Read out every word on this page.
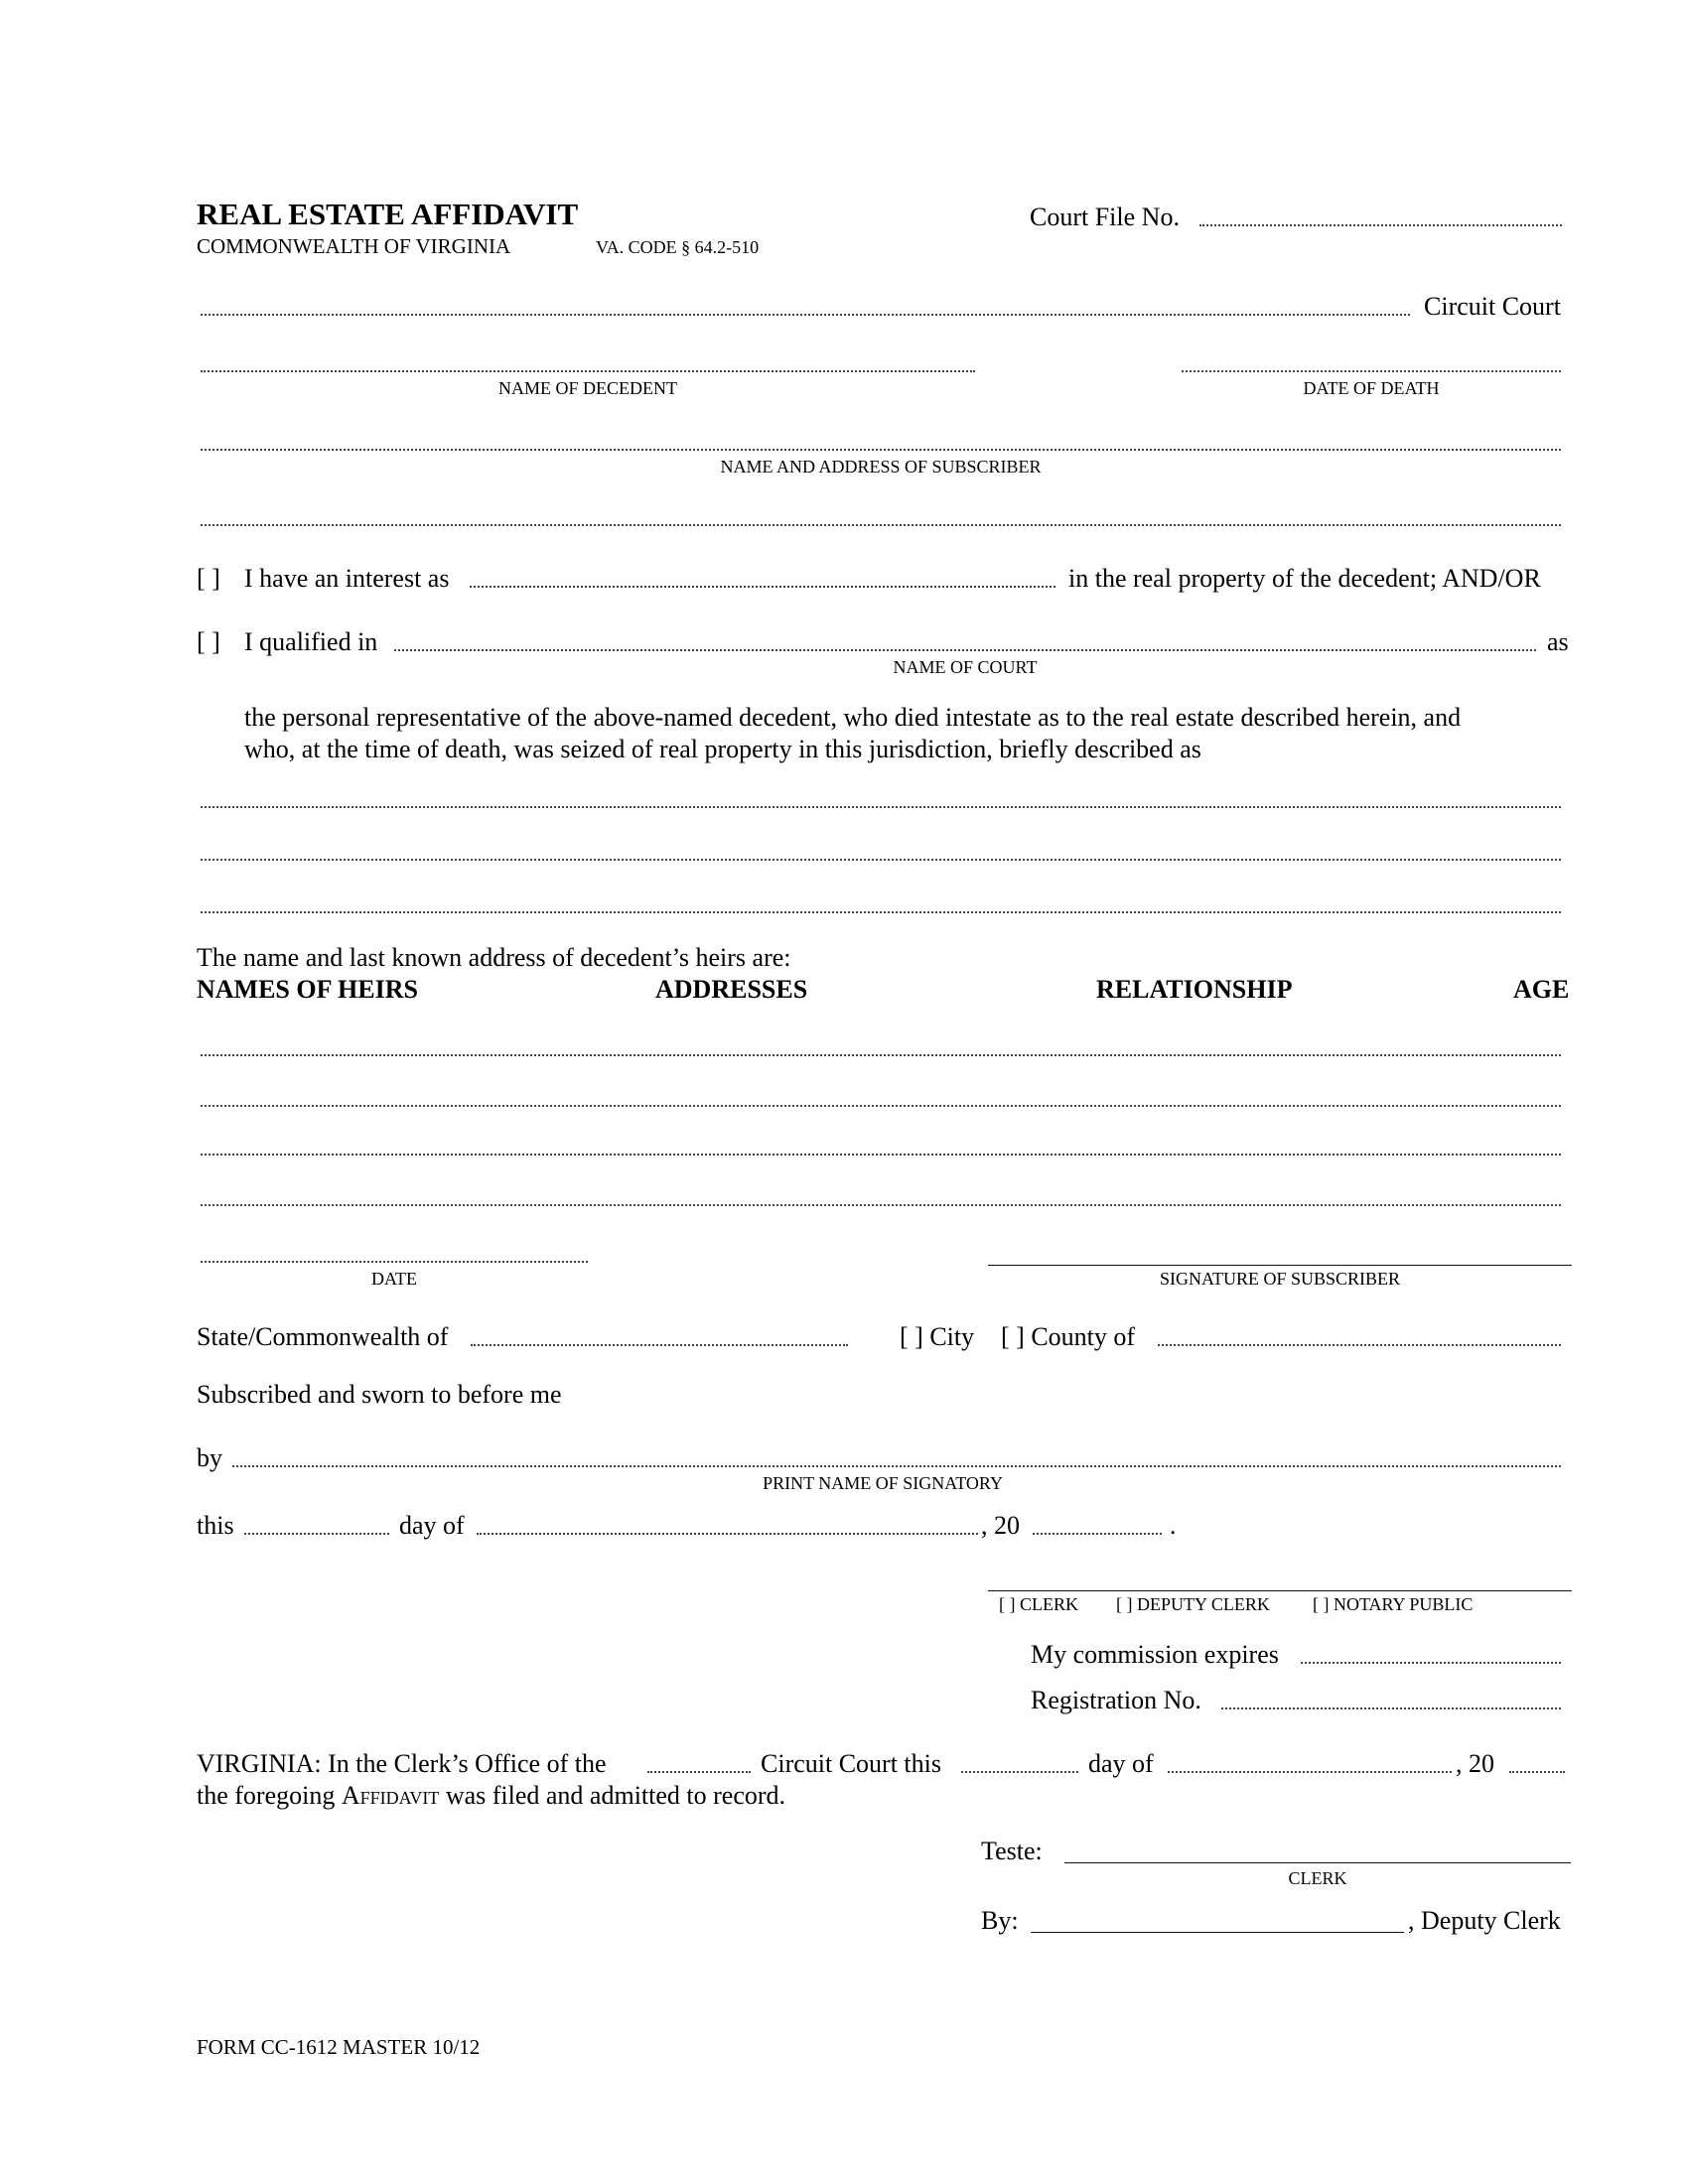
REAL ESTATE AFFIDAVIT
COMMONWEALTH OF VIRGINIA	VA. CODE § 64.2-510
Court File No.
Circuit Court
NAME OF DECEDENT	DATE OF DEATH
NAME AND ADDRESS OF SUBSCRIBER
[ ] I have an interest as	in the real property of the decedent; AND/OR
[ ] I qualified in	as
NAME OF COURT
the personal representative of the above-named decedent, who died intestate as to the real estate described herein, and
who, at the time of death, was seized of real property in this jurisdiction, briefly described as
The name and last known address of decedent’s heirs are:
NAMES OF HEIRS	ADDRESSES	RELATIONSHIP	AGE
DATE	SIGNATURE OF SUBSCRIBER
State/Commonwealth of	[ ] City [ ] County of
Subscribed and sworn to before me
by
PRINT NAME OF SIGNATORY
this	day of	, 20	.
[ ] CLERK [ ] DEPUTY CLERK [ ] NOTARY PUBLIC
My commission expires
Registration No.
VIRGINIA: In the Clerk’s Office of the	Circuit Court this	day of	, 20
the foregoing Affidavit was filed and admitted to record.
Teste:
CLERK
By:	, Deputy Clerk
FORM CC-1612 MASTER 10/12
